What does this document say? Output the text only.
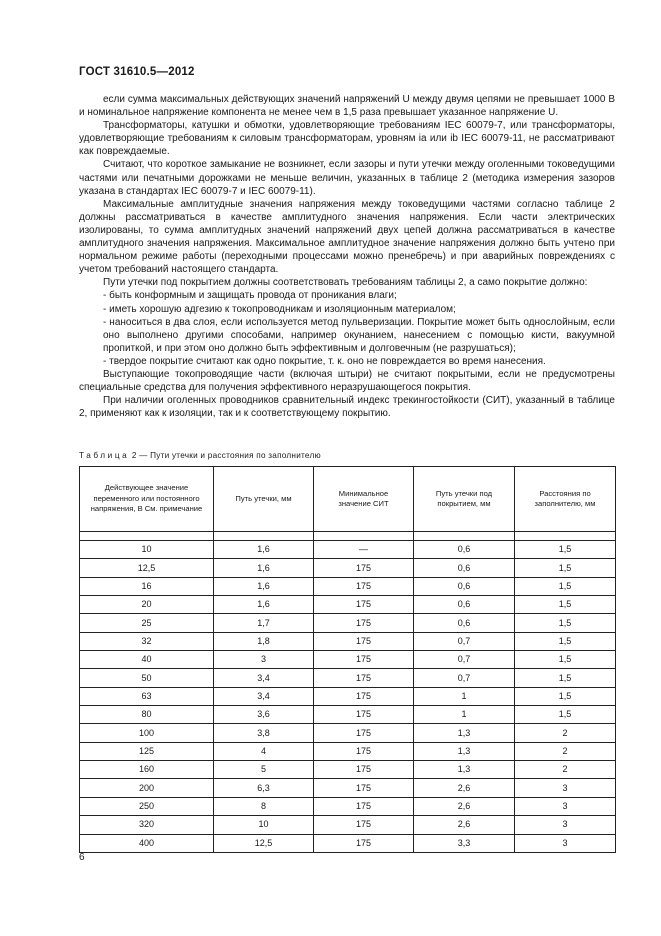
ГОСТ 31610.5—2012

если сумма максимальных действующих значений напряжений U между двумя цепями не превышает 1000 В и номинальное напряжение компонента не менее чем в 1,5 раза превышает указанное напряжение U.

Трансформаторы, катушки и обмотки, удовлетворяющие требованиям IEC 60079-7, или трансформаторы, удовлетворяющие требованиям к силовым трансформаторам, уровням ia или ib IEC 60079-11, не рассматривают как повреждаемые.

Считают, что короткое замыкание не возникнет, если зазоры и пути утечки между оголенными токоведущими частями или печатными дорожками не меньше величин, указанных в таблице 2 (методика измерения зазоров указана в стандартах IEC 60079-7 и IEC 60079-11).

Максимальные амплитудные значения напряжения между токоведущими частями согласно таблице 2 должны рассматриваться в качестве амплитудного значения напряжения. Если части электрических изолированы, то сумма амплитудных значений напряжений двух цепей должна рассматриваться в качестве амплитудного значения напряжения. Максимальное амплитудное значение напряжения должно быть учтено при нормальном режиме работы (переходными процессами можно пренебречь) и при аварийных повреждениях с учетом требований настоящего стандарта.

Пути утечки под покрытием должны соответствовать требованиям таблицы 2, а само покрытие должно:

- быть конформным и защищать провода от проникания влаги;

- иметь хорошую адгезию к токопроводникам и изоляционным материалом;

- наноситься в два слоя, если используется метод пульверизации. Покрытие может быть однослойным, если оно выполнено другими способами, например окунанием, нанесением с помощью кисти, вакуумной пропиткой, и при этом оно должно быть эффективным и долговечным (не разрушаться);

- твердое покрытие считают как одно покрытие, т. к. оно не повреждается во время нанесения.

Выступающие токопроводящие части (включая штыри) не считают покрытыми, если не предусмотрены специальные средства для получения эффективного неразрушающегося покрытия.

При наличии оголенных проводников сравнительный индекс трекингостойкости (СИТ), указанный в таблице 2, применяют как к изоляции, так и к соответствующему покрытию.

Таблица 2 — Пути утечки и расстояния по заполнителю
Действующее значение переменного или постоянного напряжения, В См. примечание	Путь утечки, мм	Минимальное значение СИТ	Путь утечки под покрытием, мм	Расстояния по заполнителю, мм

10	1,6	—	0,6	1,5
12,5	1,6	175	0,6	1,5
16	1,6	175	0,6	1,5
20	1,6	175	0,6	1,5
25	1,7	175	0,6	1,5
32	1,8	175	0,7	1,5
40	3	175	0,7	1,5
50	3,4	175	0,7	1,5
63	3,4	175	1	1,5
80	3,6	175	1	1,5
100	3,8	175	1,3	2
125	4	175	1,3	2
160	5	175	1,3	2
200	6,3	175	2,6	3
250	8	175	2,6	3
320	10	175	2,6	3
400	12,5	175	3,3	3
6
